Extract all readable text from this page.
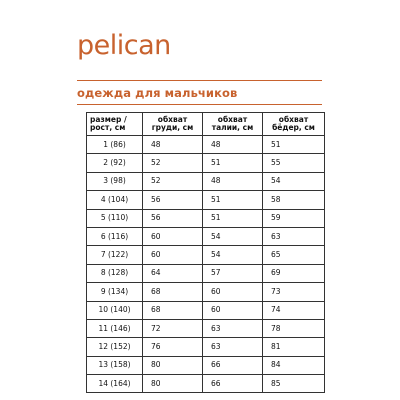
pelican
одежда для мальчиков
размер / рост, см	обхват груди, см	обхват талии, см	обхват бёдер, см
1 (86)	48	48	51
2 (92)	52	51	55
3 (98)	52	48	54
4 (104)	56	51	58
5 (110)	56	51	59
6 (116)	60	54	63
7 (122)	60	54	65
8 (128)	64	57	69
9 (134)	68	60	73
10 (140)	68	60	74
11 (146)	72	63	78
12 (152)	76	63	81
13 (158)	80	66	84
14 (164)	80	66	85
